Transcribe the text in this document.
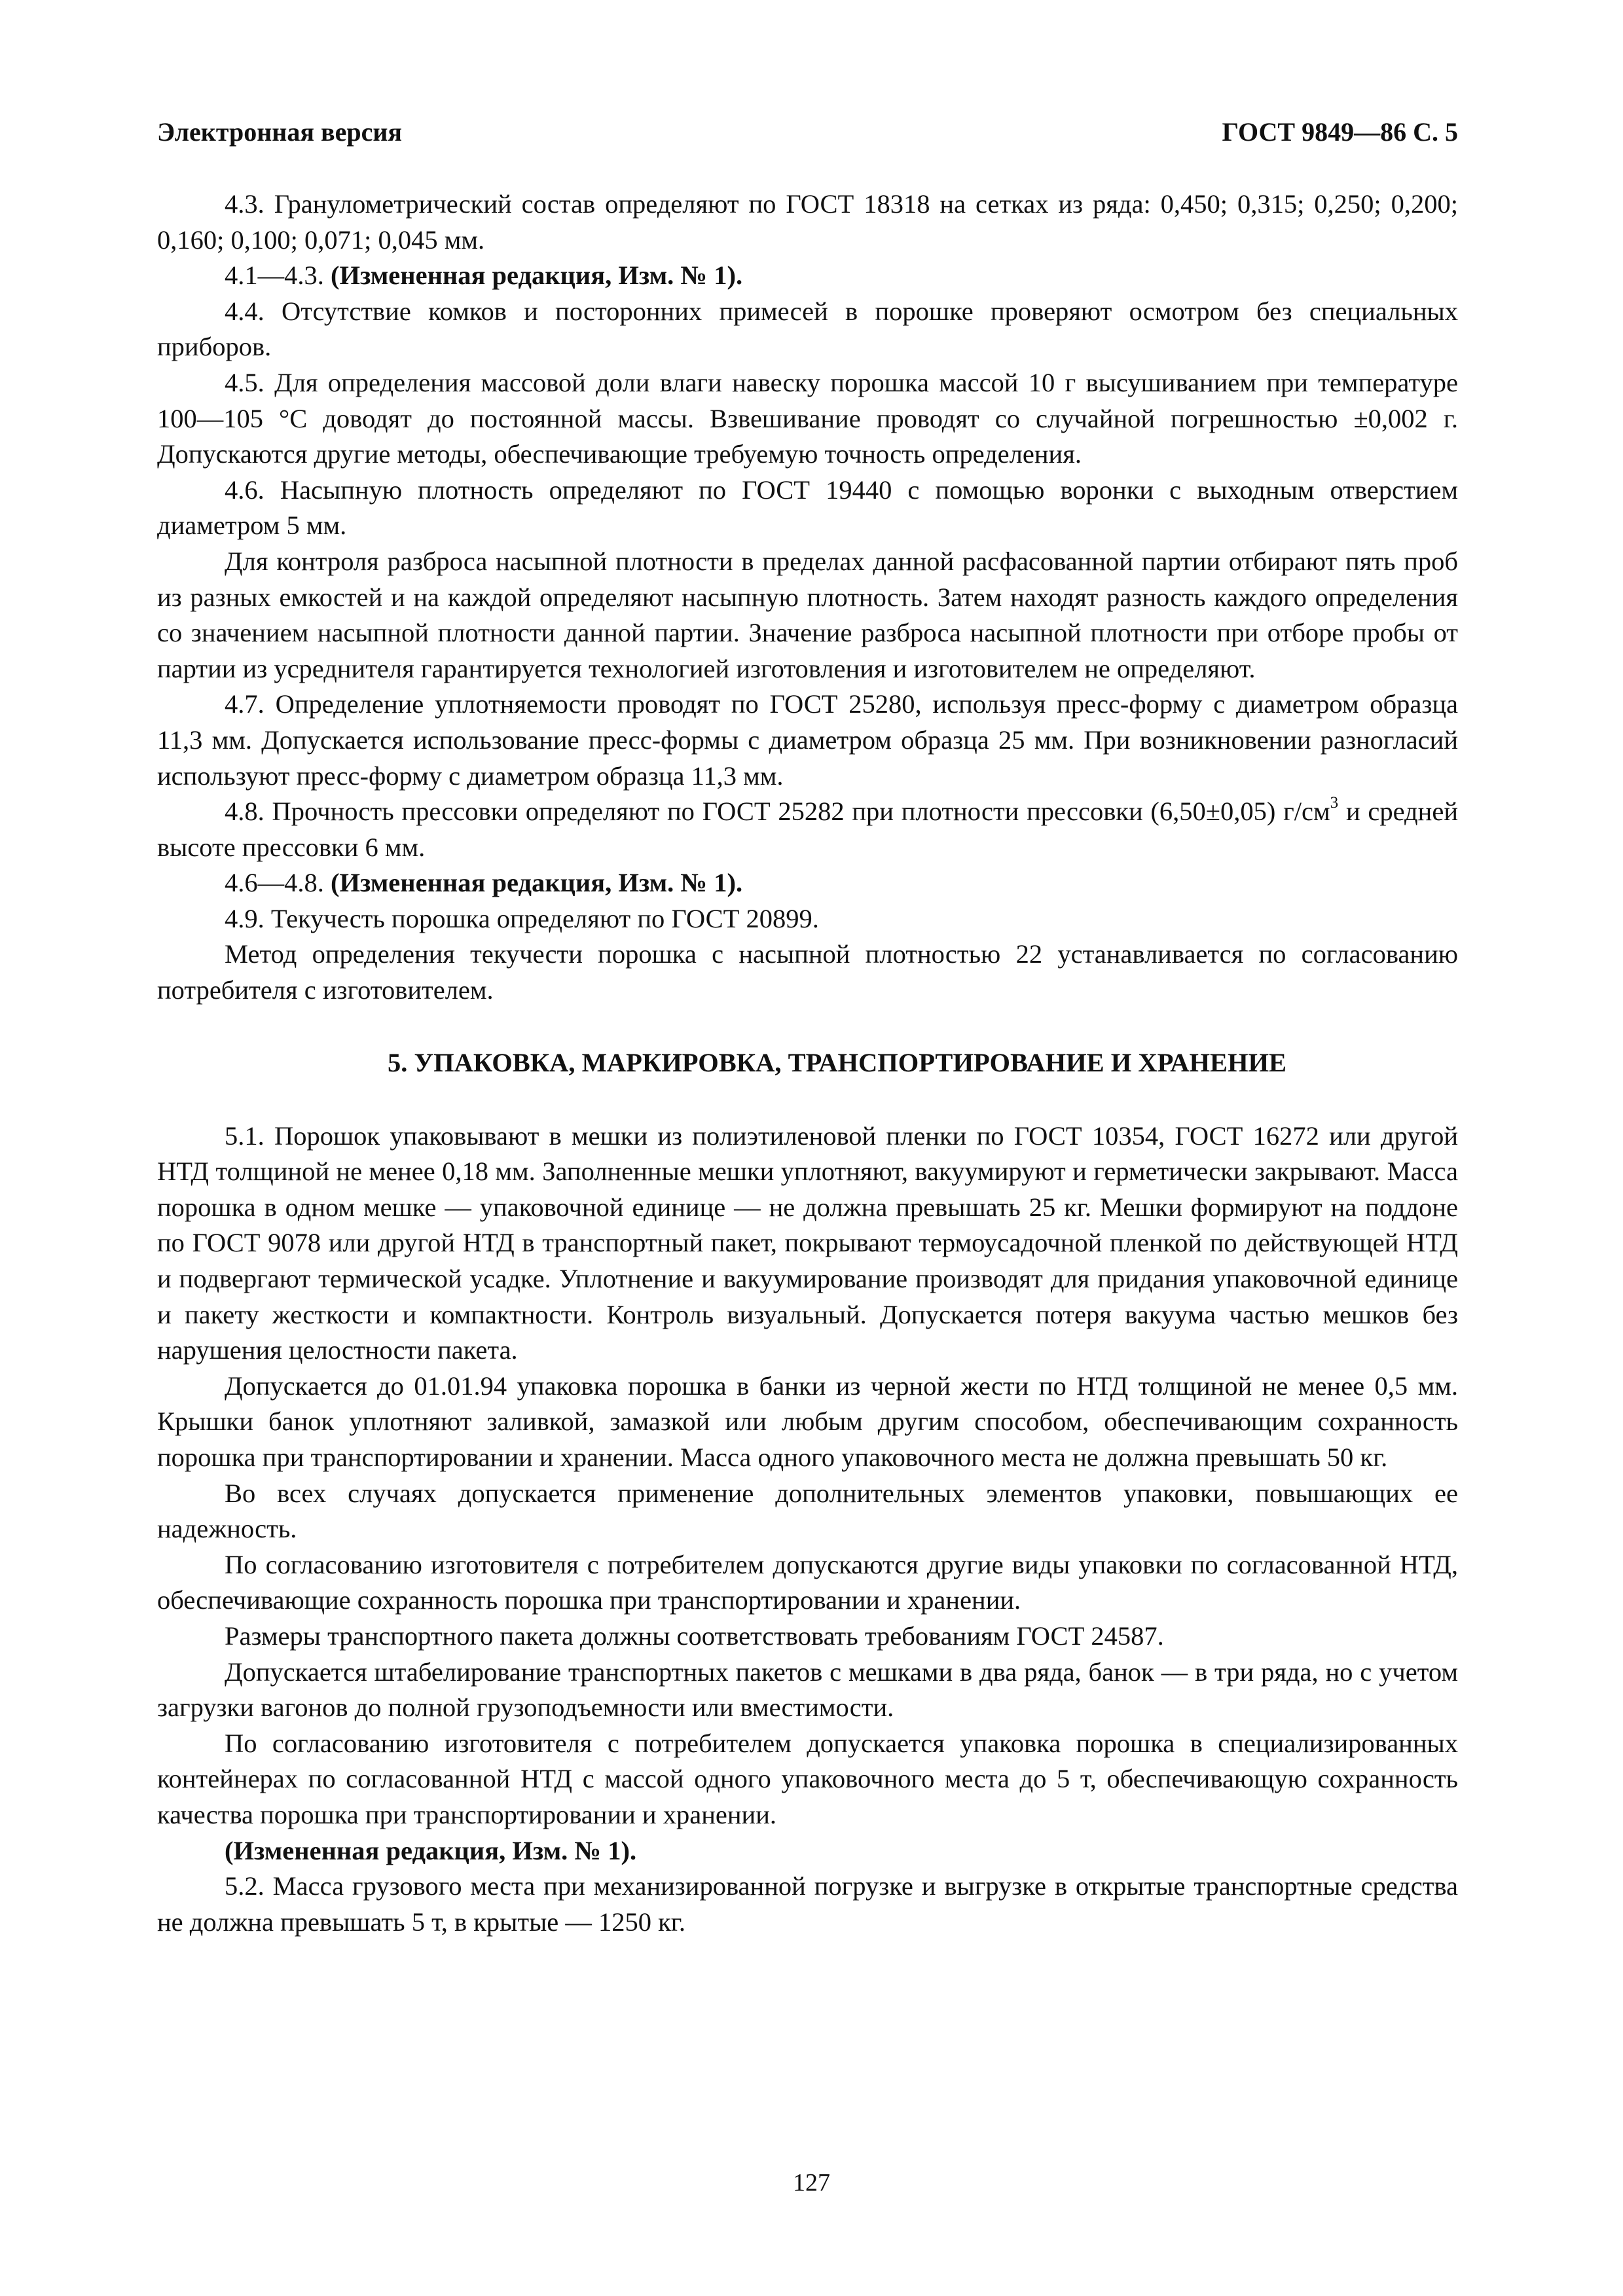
Электронная версия	ГОСТ 9849—86 С. 5

4.3. Гранулометрический состав определяют по ГОСТ 18318 на сетках из ряда: 0,450; 0,315; 0,250; 0,200; 0,160; 0,100; 0,071; 0,045 мм.

4.1—4.3. (Измененная редакция, Изм. № 1).

4.4. Отсутствие комков и посторонних примесей в порошке проверяют осмотром без специальных приборов.

4.5. Для определения массовой доли влаги навеску порошка массой 10 г высушиванием при температуре 100—105 °С доводят до постоянной массы. Взвешивание проводят со случайной погрешностью ±0,002 г. Допускаются другие методы, обеспечивающие требуемую точность определения.

4.6. Насыпную плотность определяют по ГОСТ 19440 с помощью воронки с выходным отверстием диаметром 5 мм.

Для контроля разброса насыпной плотности в пределах данной расфасованной партии отбирают пять проб из разных емкостей и на каждой определяют насыпную плотность. Затем находят разность каждого определения со значением насыпной плотности данной партии. Значение разброса насыпной плотности при отборе пробы от партии из усреднителя гарантируется технологией изготовления и изготовителем не определяют.

4.7. Определение уплотняемости проводят по ГОСТ 25280, используя пресс-форму с диаметром образца 11,3 мм. Допускается использование пресс-формы с диаметром образца 25 мм. При возникновении разногласий используют пресс-форму с диаметром образца 11,3 мм.

4.8. Прочность прессовки определяют по ГОСТ 25282 при плотности прессовки (6,50±0,05) $г/см^3$ и средней высоте прессовки 6 мм.

4.6—4.8. (Измененная редакция, Изм. № 1).

4.9. Текучесть порошка определяют по ГОСТ 20899.

Метод определения текучести порошка с насыпной плотностью 22 устанавливается по согласованию потребителя с изготовителем.

5. УПАКОВКА, МАРКИРОВКА, ТРАНСПОРТИРОВАНИЕ И ХРАНЕНИЕ

5.1. Порошок упаковывают в мешки из полиэтиленовой пленки по ГОСТ 10354, ГОСТ 16272 или другой НТД толщиной не менее 0,18 мм. Заполненные мешки уплотняют, вакуумируют и герметически закрывают. Масса порошка в одном мешке — упаковочной единице — не должна превышать 25 кг. Мешки формируют на поддоне по ГОСТ 9078 или другой НТД в транспортный пакет, покрывают термоусадочной пленкой по действующей НТД и подвергают термической усадке. Уплотнение и вакуумирование производят для придания упаковочной единице и пакету жесткости и компактности. Контроль визуальный. Допускается потеря вакуума частью мешков без нарушения целостности пакета.

Допускается до 01.01.94 упаковка порошка в банки из черной жести по НТД толщиной не менее 0,5 мм. Крышки банок уплотняют заливкой, замазкой или любым другим способом, обеспечивающим сохранность порошка при транспортировании и хранении. Масса одного упаковочного места не должна превышать 50 кг.

Во всех случаях допускается применение дополнительных элементов упаковки, повышающих ее надежность.

По согласованию изготовителя с потребителем допускаются другие виды упаковки по согласованной НТД, обеспечивающие сохранность порошка при транспортировании и хранении.

Размеры транспортного пакета должны соответствовать требованиям ГОСТ 24587.

Допускается штабелирование транспортных пакетов с мешками в два ряда, банок — в три ряда, но с учетом загрузки вагонов до полной грузоподъемности или вместимости.

По согласованию изготовителя с потребителем допускается упаковка порошка в специализированных контейнерах по согласованной НТД с массой одного упаковочного места до 5 т, обеспечивающую сохранность качества порошка при транспортировании и хранении.

(Измененная редакция, Изм. № 1).

5.2. Масса грузового места при механизированной погрузке и выгрузке в открытые транспортные средства не должна превышать 5 т, в крытые — 1250 кг.

127
